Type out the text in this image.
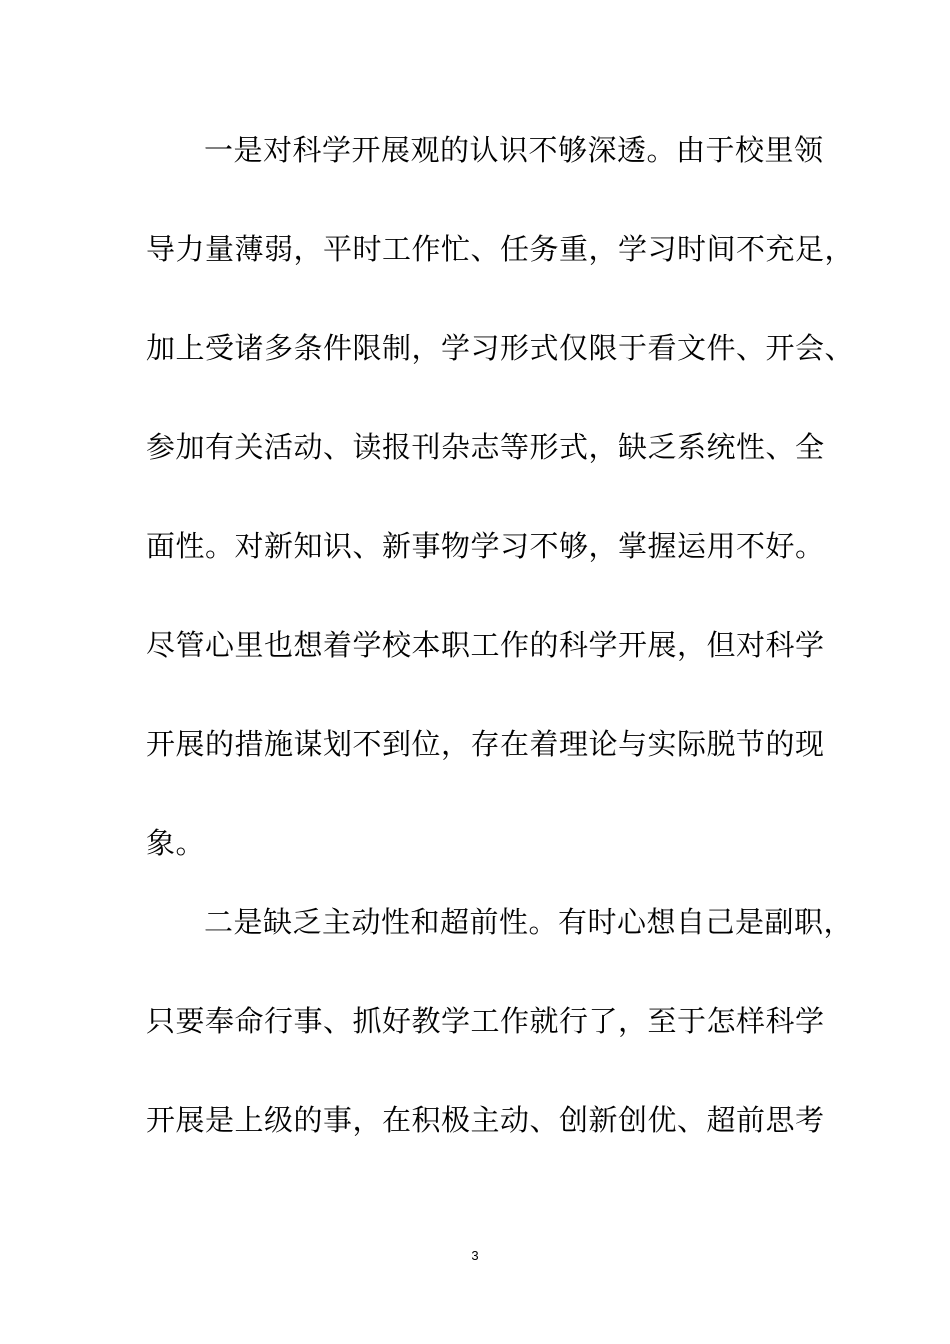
一是对科学开展观的认识不够深透。由于校里领
导力量薄弱，平时工作忙、任务重，学习时间不充足，
加上受诸多条件限制，学习形式仅限于看文件、开会、
参加有关活动、读报刊杂志等形式，缺乏系统性、全
面性。对新知识、新事物学习不够，掌握运用不好。
尽管心里也想着学校本职工作的科学开展，但对科学
开展的措施谋划不到位，存在着理论与实际脱节的现
象。
二是缺乏主动性和超前性。有时心想自己是副职，
只要奉命行事、抓好教学工作就行了，至于怎样科学
开展是上级的事，在积极主动、创新创优、超前思考
3
